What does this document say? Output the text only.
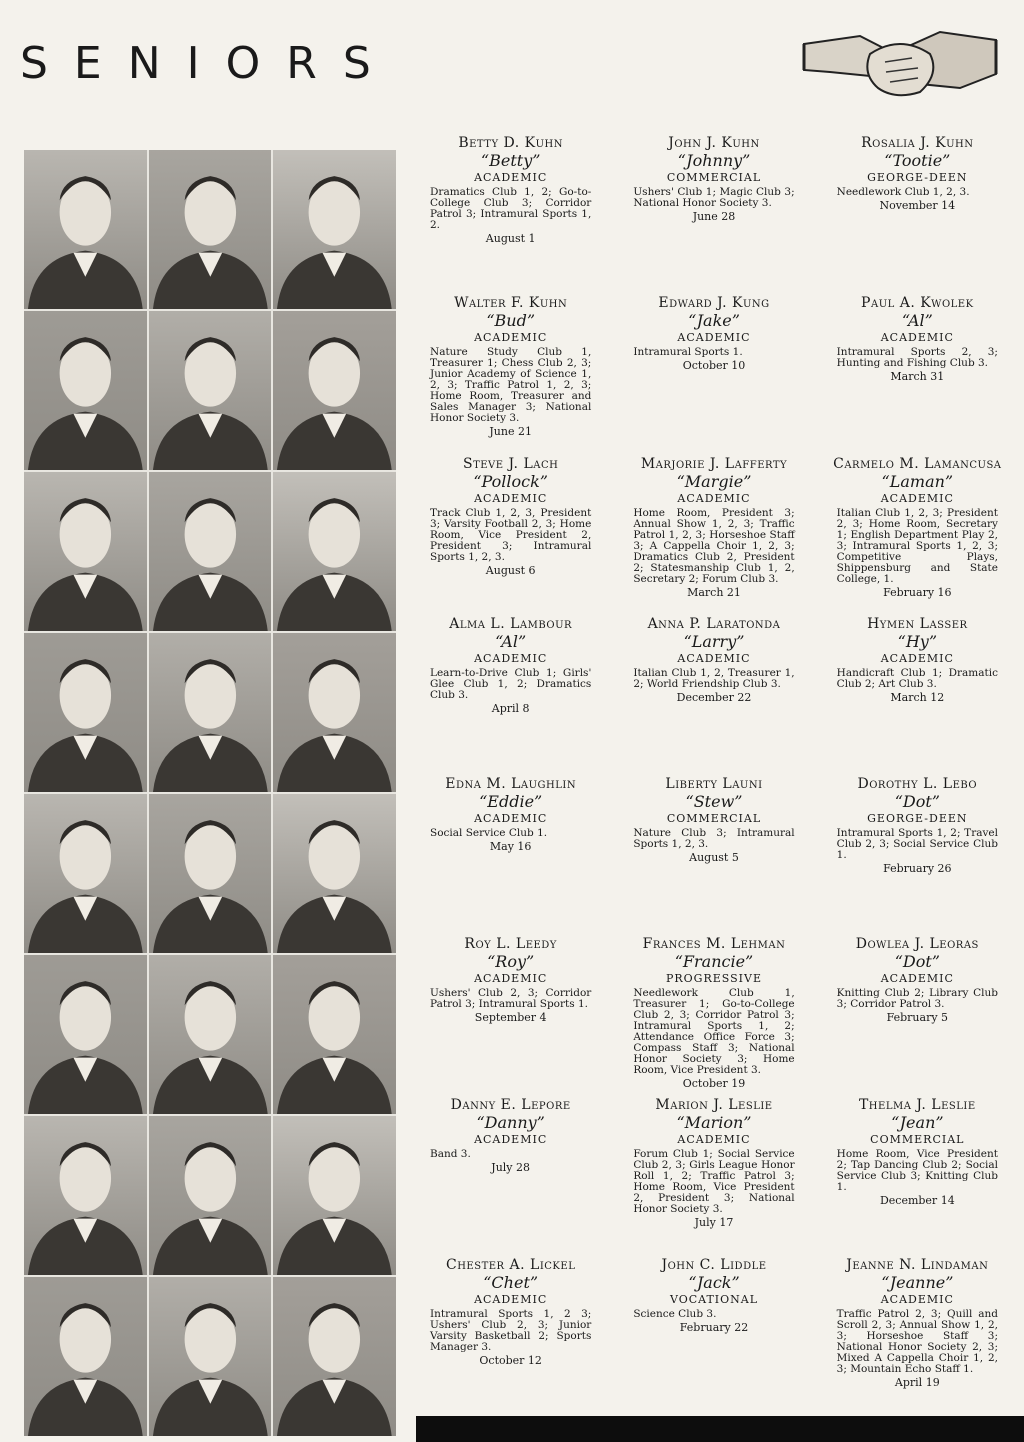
SENIORS
Betty D. Kuhn
“Betty”
ACADEMIC
Dramatics Club 1, 2; Go-to-College Club 3; Corridor Patrol 3; Intramural Sports 1, 2.
August 1
John J. Kuhn
“Johnny”
COMMERCIAL
Ushers' Club 1; Magic Club 3; National Honor Society 3.
June 28
Rosalia J. Kuhn
“Tootie”
GEORGE-DEEN
Needlework Club 1, 2, 3.
November 14
Walter F. Kuhn
“Bud”
ACADEMIC
Nature Study Club 1, Treasurer 1; Chess Club 2, 3; Junior Academy of Science 1, 2, 3; Traffic Patrol 1, 2, 3; Home Room, Treasurer and Sales Manager 3; National Honor Society 3.
June 21
Edward J. Kung
“Jake”
ACADEMIC
Intramural Sports 1.
October 10
Paul A. Kwolek
“Al”
ACADEMIC
Intramural Sports 2, 3; Hunting and Fishing Club 3.
March 31
Steve J. Lach
“Pollock”
ACADEMIC
Track Club 1, 2, 3, President 3; Varsity Football 2, 3; Home Room, Vice President 2, President 3; Intramural Sports 1, 2, 3.
August 6
Marjorie J. Lafferty
“Margie”
ACADEMIC
Home Room, President 3; Annual Show 1, 2, 3; Traffic Patrol 1, 2, 3; Horseshoe Staff 3; A Cappella Choir 1, 2, 3; Dramatics Club 2, President 2; Statesmanship Club 1, 2, Secretary 2; Forum Club 3.
March 21
Carmelo M. Lamancusa
“Laman”
ACADEMIC
Italian Club 1, 2, 3; President 2, 3; Home Room, Secretary 1; English Department Play 2, 3; Intramural Sports 1, 2, 3; Competitive Plays, Shippensburg and State College, 1.
February 16
Alma L. Lambour
“Al”
ACADEMIC
Learn-to-Drive Club 1; Girls' Glee Club 1, 2; Dramatics Club 3.
April 8
Anna P. Laratonda
“Larry”
ACADEMIC
Italian Club 1, 2, Treasurer 1, 2; World Friendship Club 3.
December 22
Hymen Lasser
“Hy”
ACADEMIC
Handicraft Club 1; Dramatic Club 2; Art Club 3.
March 12
Edna M. Laughlin
“Eddie”
ACADEMIC
Social Service Club 1.
May 16
Liberty Launi
“Stew”
COMMERCIAL
Nature Club 3; Intramural Sports 1, 2, 3.
August 5
Dorothy L. Lebo
“Dot”
GEORGE-DEEN
Intramural Sports 1, 2; Travel Club 2, 3; Social Service Club 1.
February 26
Roy L. Leedy
“Roy”
ACADEMIC
Ushers' Club 2, 3; Corridor Patrol 3; Intramural Sports 1.
September 4
Frances M. Lehman
“Francie”
PROGRESSIVE
Needlework Club 1, Treasurer 1; Go-to-College Club 2, 3; Corridor Patrol 3; Intramural Sports 1, 2; Attendance Office Force 3; Compass Staff 3; National Honor Society 3; Home Room, Vice President 3.
October 19
Dowlea J. Leoras
“Dot”
ACADEMIC
Knitting Club 2; Library Club 3; Corridor Patrol 3.
February 5
Danny E. Lepore
“Danny”
ACADEMIC
Band 3.
July 28
Marion J. Leslie
“Marion”
ACADEMIC
Forum Club 1; Social Service Club 2, 3; Girls League Honor Roll 1, 2; Traffic Patrol 3; Home Room, Vice President 2, President 3; National Honor Society 3.
July 17
Thelma J. Leslie
“Jean”
COMMERCIAL
Home Room, Vice President 2; Tap Dancing Club 2; Social Service Club 3; Knitting Club 1.
December 14
Chester A. Lickel
“Chet”
ACADEMIC
Intramural Sports 1, 2 3; Ushers' Club 2, 3; Junior Varsity Basketball 2; Sports Manager 3.
October 12
John C. Liddle
“Jack”
VOCATIONAL
Science Club 3.
February 22
Jeanne N. Lindaman
“Jeanne”
ACADEMIC
Traffic Patrol 2, 3; Quill and Scroll 2, 3; Annual Show 1, 2, 3; Horseshoe Staff 3; National Honor Society 2, 3; Mixed A Cappella Choir 1, 2, 3; Mountain Echo Staff 1.
April 19
